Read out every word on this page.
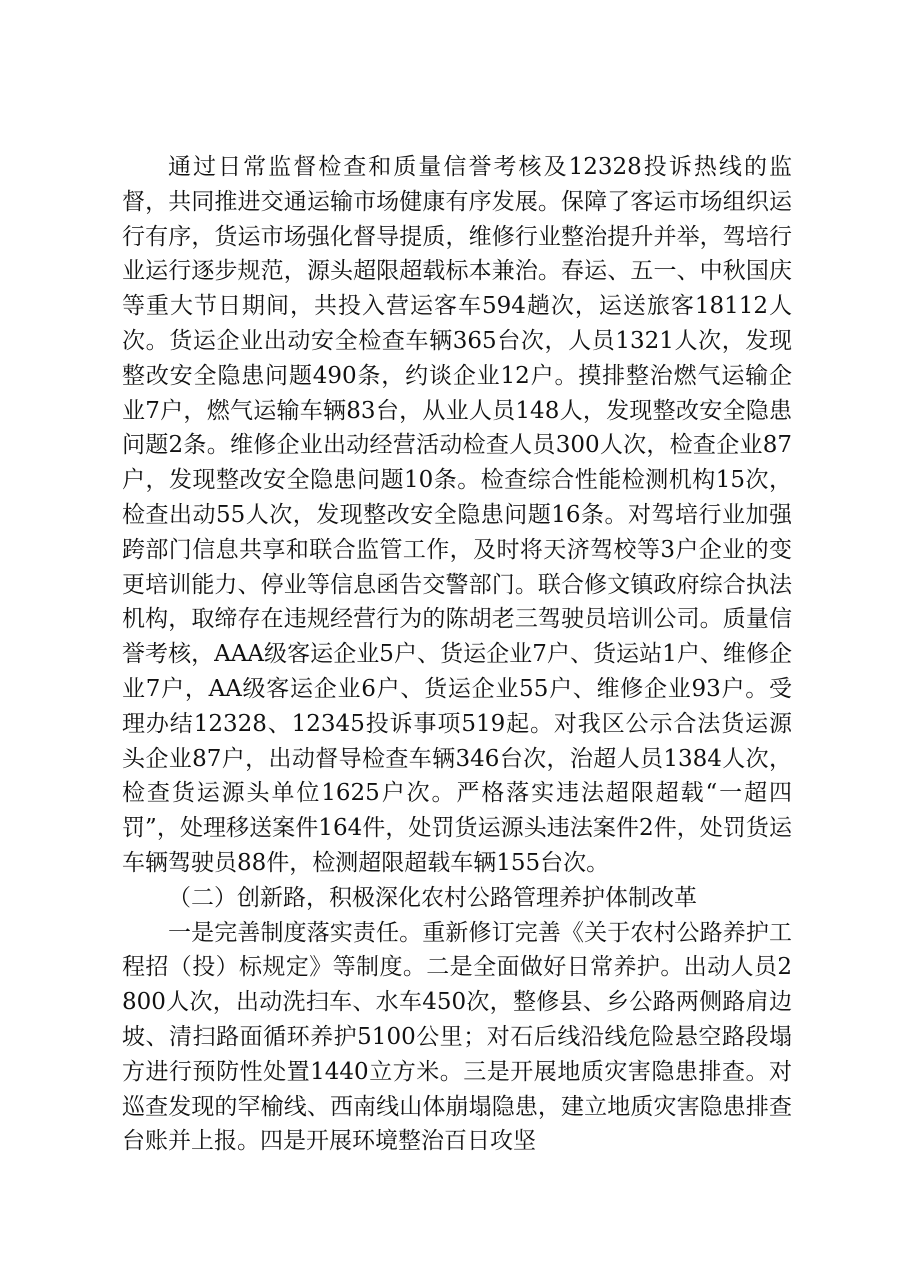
通过日常监督检查和质量信誉考核及12328投诉热线的监督，共同推进交通运输市场健康有序发展。保障了客运市场组织运行有序，货运市场强化督导提质，维修行业整治提升并举，驾培行业运行逐步规范，源头超限超载标本兼治。春运、五一、中秋国庆等重大节日期间，共投入营运客车594趟次，运送旅客18112人次。货运企业出动安全检查车辆365台次，人员1321人次，发现整改安全隐患问题490条，约谈企业12户。摸排整治燃气运输企业7户，燃气运输车辆83台，从业人员148人，发现整改安全隐患问题2条。维修企业出动经营活动检查人员300人次，检查企业87户，发现整改安全隐患问题10条。检查综合性能检测机构15次，检查出动55人次，发现整改安全隐患问题16条。对驾培行业加强跨部门信息共享和联合监管工作，及时将天济驾校等3户企业的变更培训能力、停业等信息函告交警部门。联合修文镇政府综合执法机构，取缔存在违规经营行为的陈胡老三驾驶员培训公司。质量信誉考核，AAA级客运企业5户、货运企业7户、货运站1户、维修企业7户，AA级客运企业6户、货运企业55户、维修企业93户。受理办结12328、12345投诉事项519起。对我区公示合法货运源头企业87户，出动督导检查车辆346台次，治超人员1384人次，检查货运源头单位1625户次。严格落实违法超限超载“一超四罚”，处理移送案件164件，处罚货运源头违法案件2件，处罚货运车辆驾驶员88件，检测超限超载车辆155台次。

（二）创新路，积极深化农村公路管理养护体制改革

一是完善制度落实责任。重新修订完善《关于农村公路养护工程招（投）标规定》等制度。二是全面做好日常养护。出动人员2800人次，出动洗扫车、水车450次，整修县、乡公路两侧路肩边坡、清扫路面循环养护5100公里；对石后线沿线危险悬空路段塌方进行预防性处置1440立方米。三是开展地质灾害隐患排查。对巡查发现的罕榆线、西南线山体崩塌隐患，建立地质灾害隐患排查台账并上报。四是开展环境整治百日攻坚
